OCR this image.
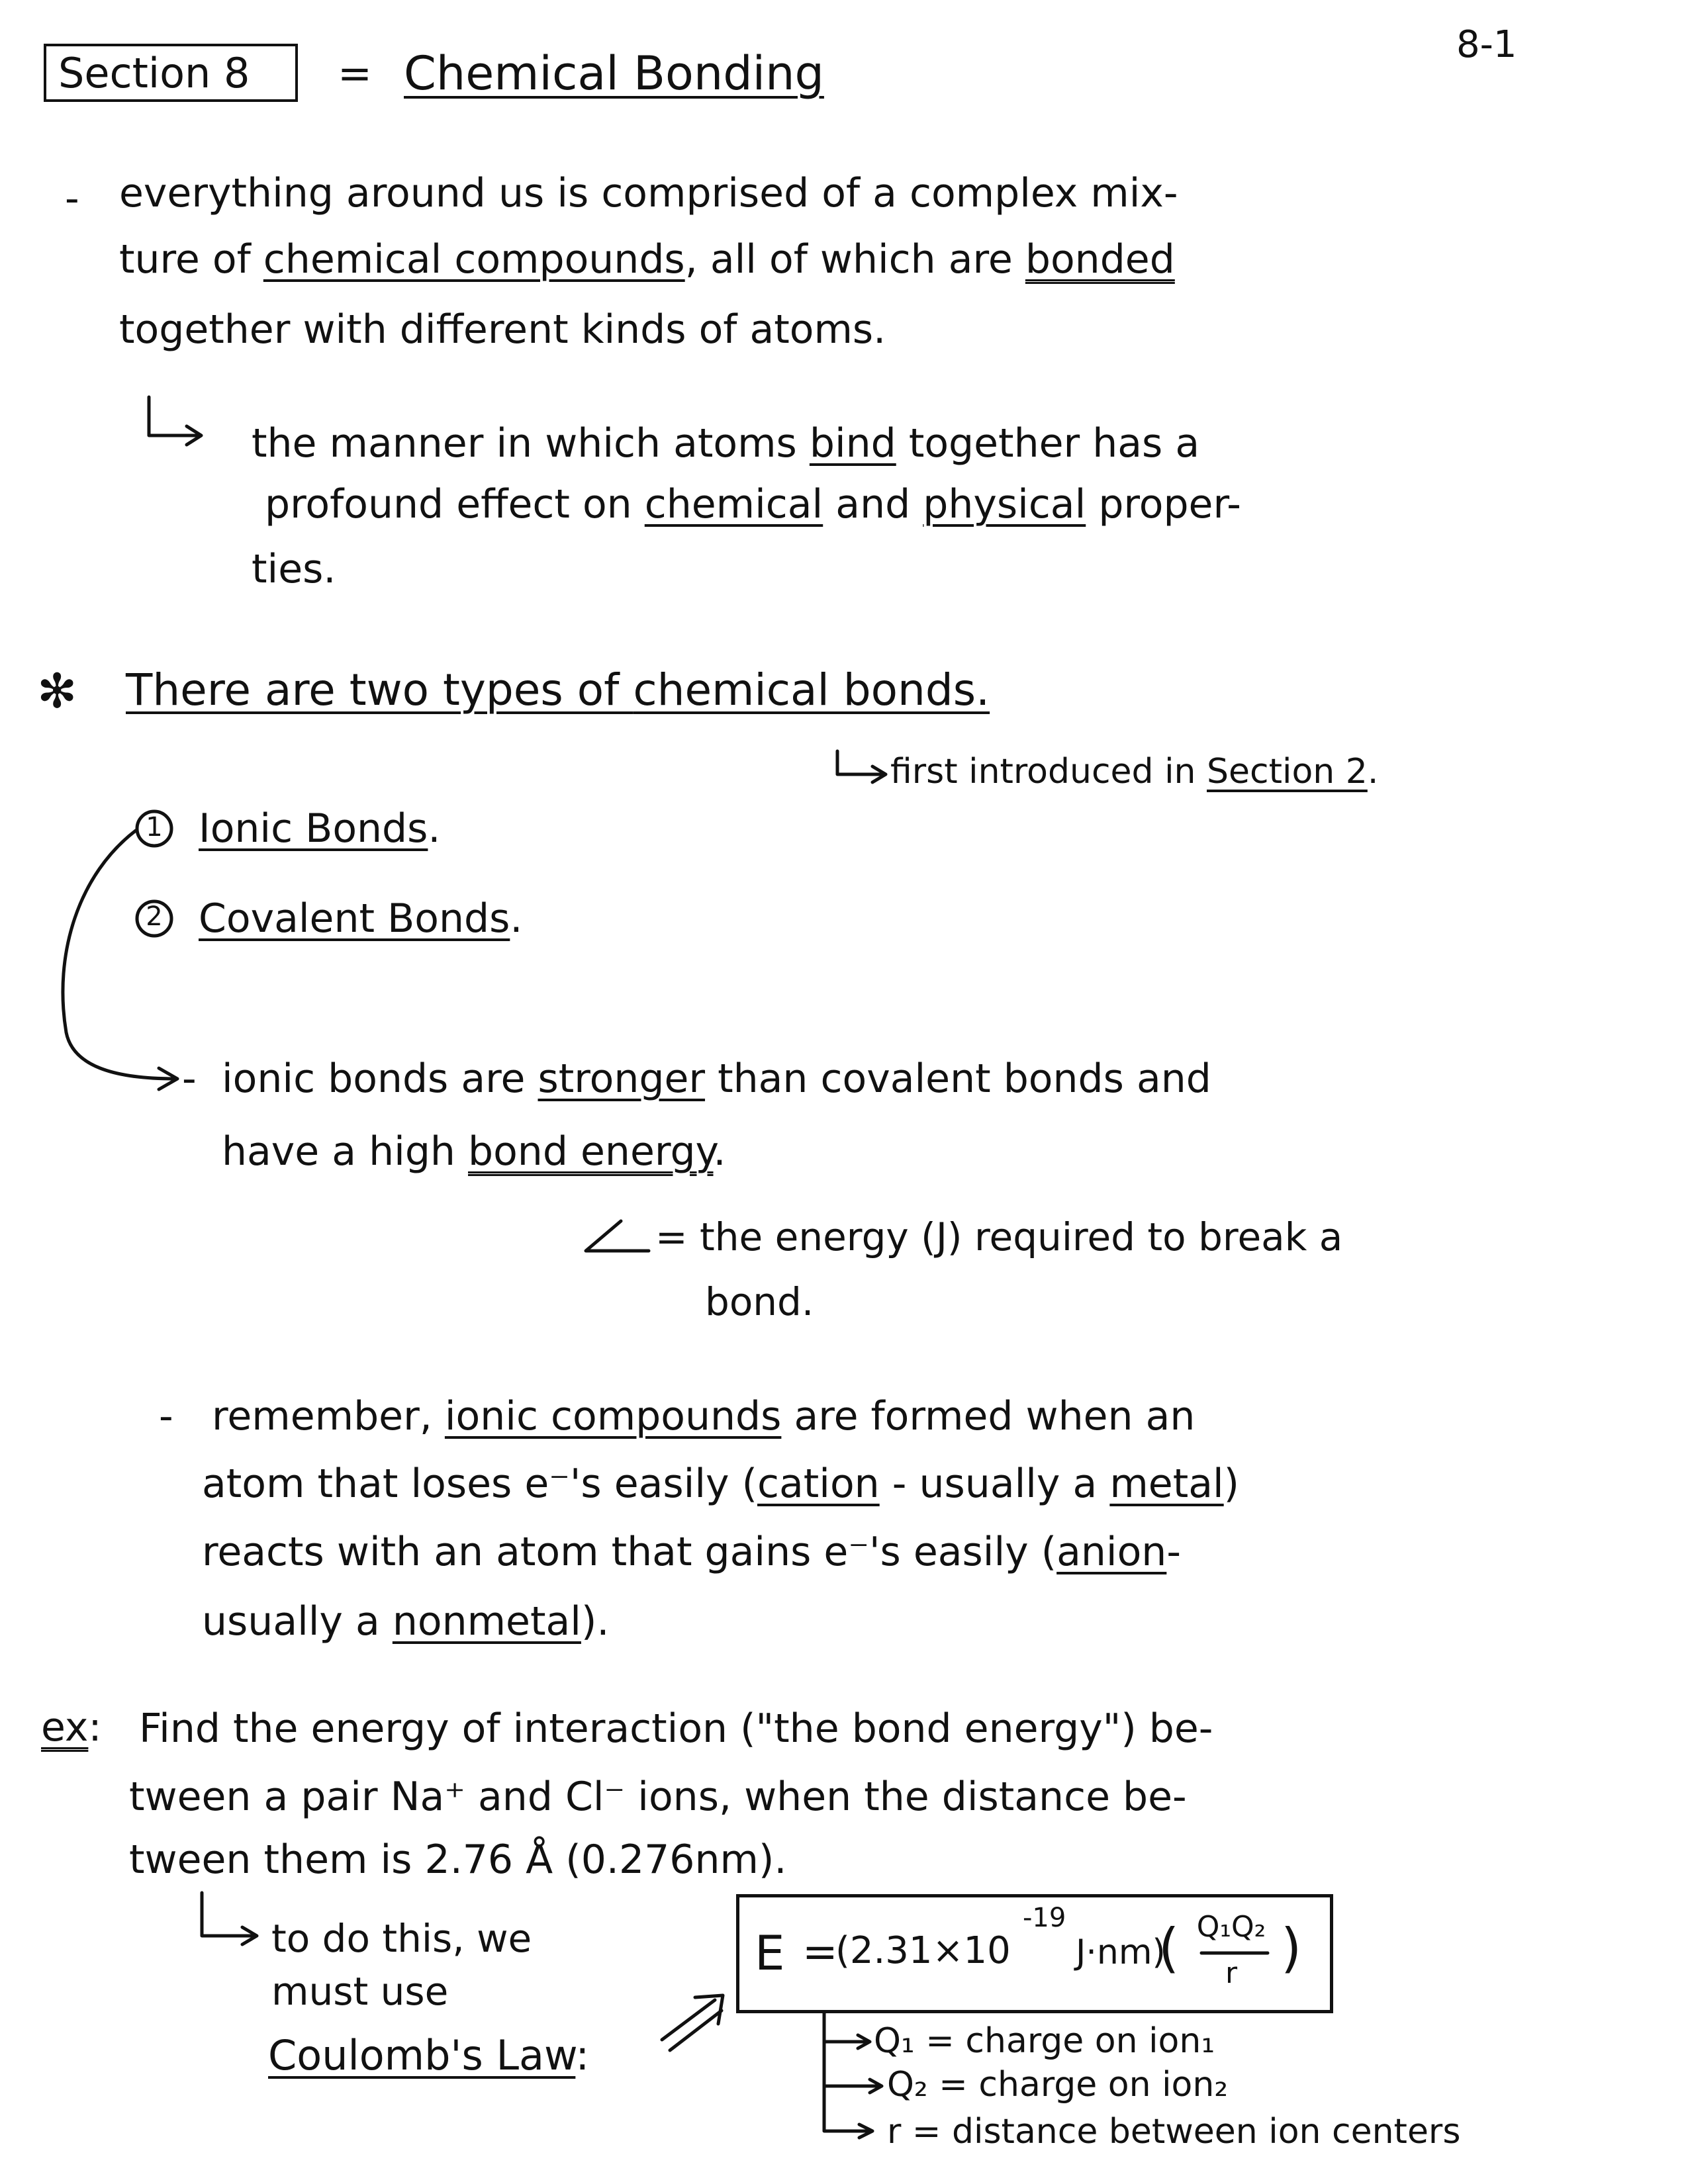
8-1
Section 8 = Chemical Bonding
- everything around us is comprised of a complex mix-
ture of chemical compounds, all of which are bonded
together with different kinds of atoms.
the manner in which atoms bind together has a
profound effect on chemical and physical proper-
ties.
✻ There are two types of chemical bonds.
first introduced in Section 2.
1 Ionic Bonds.
2 Covalent Bonds.
- ionic bonds are stronger than covalent bonds and
have a high bond energy.
= the energy (J) required to break a
bond.
- remember, ionic compounds are formed when an
atom that loses e⁻'s easily (cation - usually a metal)
reacts with an atom that gains e⁻'s easily (anion-
usually a nonmetal).
ex: Find the energy of interaction ("the bond energy") be-
tween a pair Na⁺ and Cl⁻ ions, when the distance be-
tween them is 2.76 Å (0.276nm).
to do this, we
must use
Coulomb's Law:
E =
(2.31×10
-19
J·nm)
( Q₁Q₂
r )
Q₁ = charge on ion₁
Q₂ = charge on ion₂
r = distance between ion centers
